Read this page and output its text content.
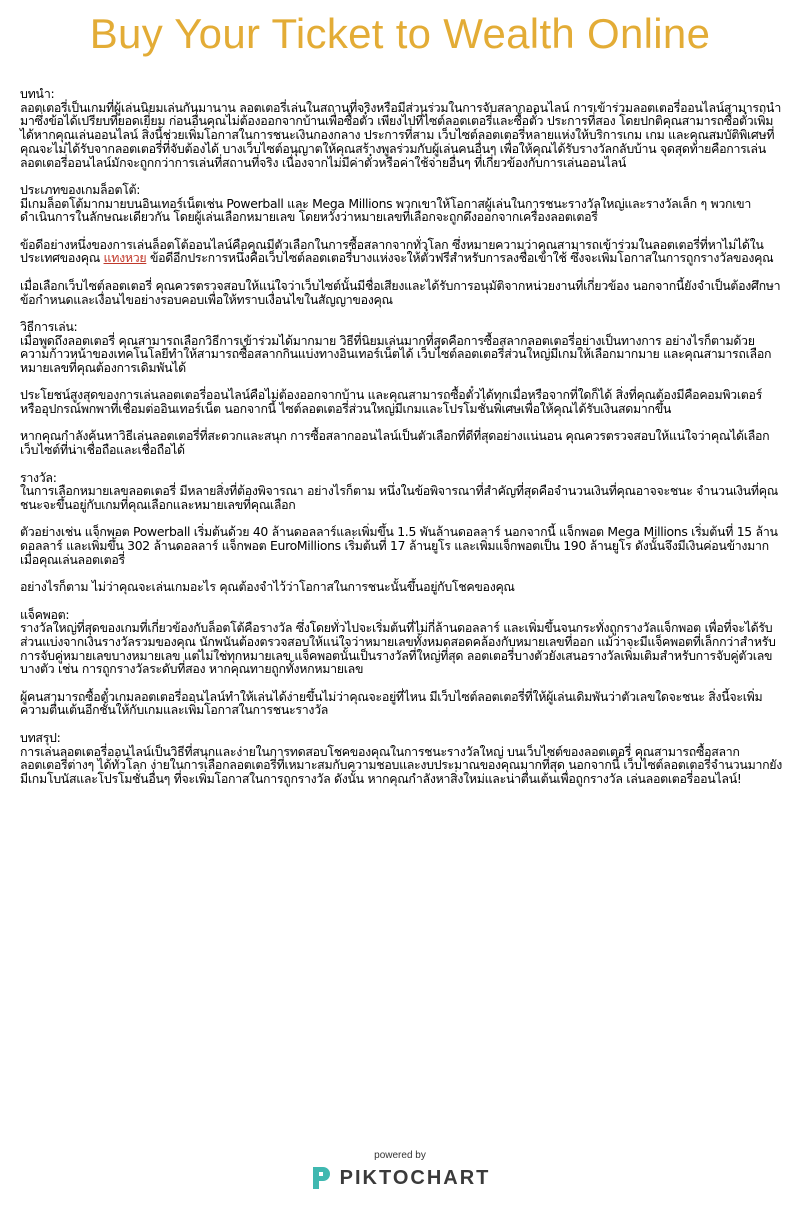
Buy Your Ticket to Wealth Online
บทนำ:
ลอตเตอรี่เป็นเกมที่ผู้เล่นนิยมเล่นกันมานาน ลอตเตอรี่เล่นในสถานที่จริงหรือมีส่วนร่วมในการจับสลากออนไลน์ การเข้าร่วมลอตเตอรี่ออนไลน์สามารถนำมาซึ่งข้อได้เปรียบที่ยอดเยี่ยม ก่อนอื่นคุณไม่ต้องออกจากบ้านเพื่อซื้อตั๋ว เพียงไปที่ไซต์ลอตเตอรี่และซื้อตั๋ว ประการที่สอง โดยปกติคุณสามารถซื้อตั๋วเพิ่มได้หากคุณเล่นออนไลน์ สิ่งนี้ช่วยเพิ่มโอกาสในการชนะเงินกองกลาง ประการที่สาม เว็บไซต์ลอตเตอรี่หลายแห่งให้บริการเกม เกม และคุณสมบัติพิเศษที่คุณจะไม่ได้รับจากลอตเตอรี่ที่จับต้องได้ บางเว็บไซต์อนุญาตให้คุณสร้างพูลร่วมกับผู้เล่นคนอื่นๆ เพื่อให้คุณได้รับรางวัลกลับบ้าน จุดสุดท้ายคือการเล่นลอตเตอรี่ออนไลน์มักจะถูกกว่าการเล่นที่สถานที่จริง เนื่องจากไม่มีค่าตั๋วหรือค่าใช้จ่ายอื่นๆ ที่เกี่ยวข้องกับการเล่นออนไลน์
ประเภทของเกมล็อตโต้:

มีเกมล็อตโต้มากมายบนอินเทอร์เน็ตเช่น Powerball และ Mega Millions พวกเขาให้โอกาสผู้เล่นในการชนะรางวัลใหญ่และรางวัลเล็ก ๆ พวกเขาดำเนินการในลักษณะเดียวกัน โดยผู้เล่นเลือกหมายเลข โดยหวังว่าหมายเลขที่เลือกจะถูกดึงออกจากเครื่องลอตเตอรี่

ข้อดีอย่างหนึ่งของการเล่นล็อตโต้ออนไลน์คือคุณมีตัวเลือกในการซื้อสลากจากทั่วโลก ซึ่งหมายความว่าคุณสามารถเข้าร่วมในลอตเตอรี่ที่หาไม่ได้ในประเทศของคุณ แทงหวย ข้อดีอีกประการหนึ่งคือเว็บไซต์ลอตเตอรี่บางแห่งจะให้ตั๋วฟรีสำหรับการลงชื่อเข้าใช้ ซึ่งจะเพิ่มโอกาสในการถูกรางวัลของคุณ

เมื่อเลือกเว็บไซต์ลอตเตอรี่ คุณควรตรวจสอบให้แน่ใจว่าเว็บไซต์นั้นมีชื่อเสียงและได้รับการอนุมัติจากหน่วยงานที่เกี่ยวข้อง นอกจากนี้ยังจำเป็นต้องศึกษาข้อกำหนดและเงื่อนไขอย่างรอบคอบเพื่อให้ทราบเงื่อนไขในสัญญาของคุณ

วิธีการเล่น:

เมื่อพูดถึงลอตเตอรี่ คุณสามารถเลือกวิธีการเข้าร่วมได้มากมาย วิธีที่นิยมเล่นมากที่สุดคือการซื้อสลากลอตเตอรี่อย่างเป็นทางการ อย่างไรก็ตามด้วยความก้าวหน้าของเทคโนโลยีทำให้สามารถซื้อสลากกินแบ่งทางอินเทอร์เน็ตได้ เว็บไซต์ลอตเตอรี่ส่วนใหญ่มีเกมให้เลือกมากมาย และคุณสามารถเลือกหมายเลขที่คุณต้องการเดิมพันได้

ประโยชน์สูงสุดของการเล่นลอตเตอรี่ออนไลน์คือไม่ต้องออกจากบ้าน และคุณสามารถซื้อตั๋วได้ทุกเมื่อหรือจากที่ใดก็ได้ สิ่งที่คุณต้องมีคือคอมพิวเตอร์หรืออุปกรณ์พกพาที่เชื่อมต่ออินเทอร์เน็ต นอกจากนี้ ไซต์ลอตเตอรี่ส่วนใหญ่มีเกมและโปรโมชั่นพิเศษเพื่อให้คุณได้รับเงินสดมากขึ้น

หากคุณกำลังค้นหาวิธีเล่นลอตเตอรี่ที่สะดวกและสนุก การซื้อสลากออนไลน์เป็นตัวเลือกที่ดีที่สุดอย่างแน่นอน คุณควรตรวจสอบให้แน่ใจว่าคุณได้เลือกเว็บไซต์ที่น่าเชื่อถือและเชื่อถือได้

รางวัล:

ในการเลือกหมายเลขลอตเตอรี่ มีหลายสิ่งที่ต้องพิจารณา อย่างไรก็ตาม หนึ่งในข้อพิจารณาที่สำคัญที่สุดคือจำนวนเงินที่คุณอาจจะชนะ จำนวนเงินที่คุณชนะจะขึ้นอยู่กับเกมที่คุณเลือกและหมายเลขที่คุณเลือก

ตัวอย่างเช่น แจ็กพอต Powerball เริ่มต้นด้วย 40 ล้านดอลลาร์และเพิ่มขึ้น 1.5 พันล้านดอลลาร์ นอกจากนี้ แจ็กพอต Mega Millions เริ่มต้นที่ 15 ล้านดอลลาร์ และเพิ่มขึ้น 302 ล้านดอลลาร์ แจ็กพอต EuroMillions เริ่มต้นที่ 17 ล้านยูโร และเพิ่มแจ็กพอตเป็น 190 ล้านยูโร ดังนั้นจึงมีเงินค่อนข้างมากเมื่อคุณเล่นลอตเตอรี่

อย่างไรก็ตาม ไม่ว่าคุณจะเล่นเกมอะไร คุณต้องจำไว้ว่าโอกาสในการชนะนั้นขึ้นอยู่กับโชคของคุณ

แจ็คพอต:

รางวัลใหญ่ที่สุดของเกมที่เกี่ยวข้องกับล็อตโต้คือรางวัล ซึ่งโดยทั่วไปจะเริ่มต้นที่ไม่กี่ล้านดอลลาร์ และเพิ่มขึ้นจนกระทั่งถูกรางวัลแจ็กพอต เพื่อที่จะได้รับส่วนแบ่งจากเงินรางวัลรวมของคุณ นักพนันต้องตรวจสอบให้แน่ใจว่าหมายเลขทั้งหมดสอดคล้องกับหมายเลขที่ออก แม้ว่าจะมีแจ็คพอตที่เล็กกว่าสำหรับการจับคู่หมายเลขบางหมายเลข แต่ไม่ใช่ทุกหมายเลข แจ็คพอตนั้นเป็นรางวัลที่ใหญ่ที่สุด ลอตเตอรี่บางตัวยังเสนอรางวัลเพิ่มเติมสำหรับการจับคู่ตัวเลขบางตัว เช่น การถูกรางวัลระดับที่สอง หากคุณทายถูกทั้งหกหมายเลข

ผู้คนสามารถซื้อตั๋วเกมลอตเตอรี่ออนไลน์ทำให้เล่นได้ง่ายขึ้นไม่ว่าคุณจะอยู่ที่ไหน มีเว็บไซต์ลอตเตอรี่ที่ให้ผู้เล่นเดิมพันว่าตัวเลขใดจะชนะ สิ่งนี้จะเพิ่มความตื่นเต้นอีกชั้นให้กับเกมและเพิ่มโอกาสในการชนะรางวัล

บทสรุป:

การเล่นลอตเตอรี่ออนไลน์เป็นวิธีที่สนุกและง่ายในการทดสอบโชคของคุณในการชนะรางวัลใหญ่ บนเว็บไซต์ของลอตเตอรี่ คุณสามารถซื้อสลากลอตเตอรี่ต่างๆ ได้ทั่วโลก ง่ายในการเลือกลอตเตอรี่ที่เหมาะสมกับความชอบและงบประมาณของคุณมากที่สุด นอกจากนี้ เว็บไซต์ลอตเตอรี่จำนวนมากยังมีเกมโบนัสและโปรโมชั่นอื่นๆ ที่จะเพิ่มโอกาสในการถูกรางวัล ดังนั้น หากคุณกำลังหาสิ่งใหม่และน่าตื่นเต้นเพื่อถูกรางวัล เล่นลอตเตอรี่ออนไลน์!

powered by
PIKTOCHART
